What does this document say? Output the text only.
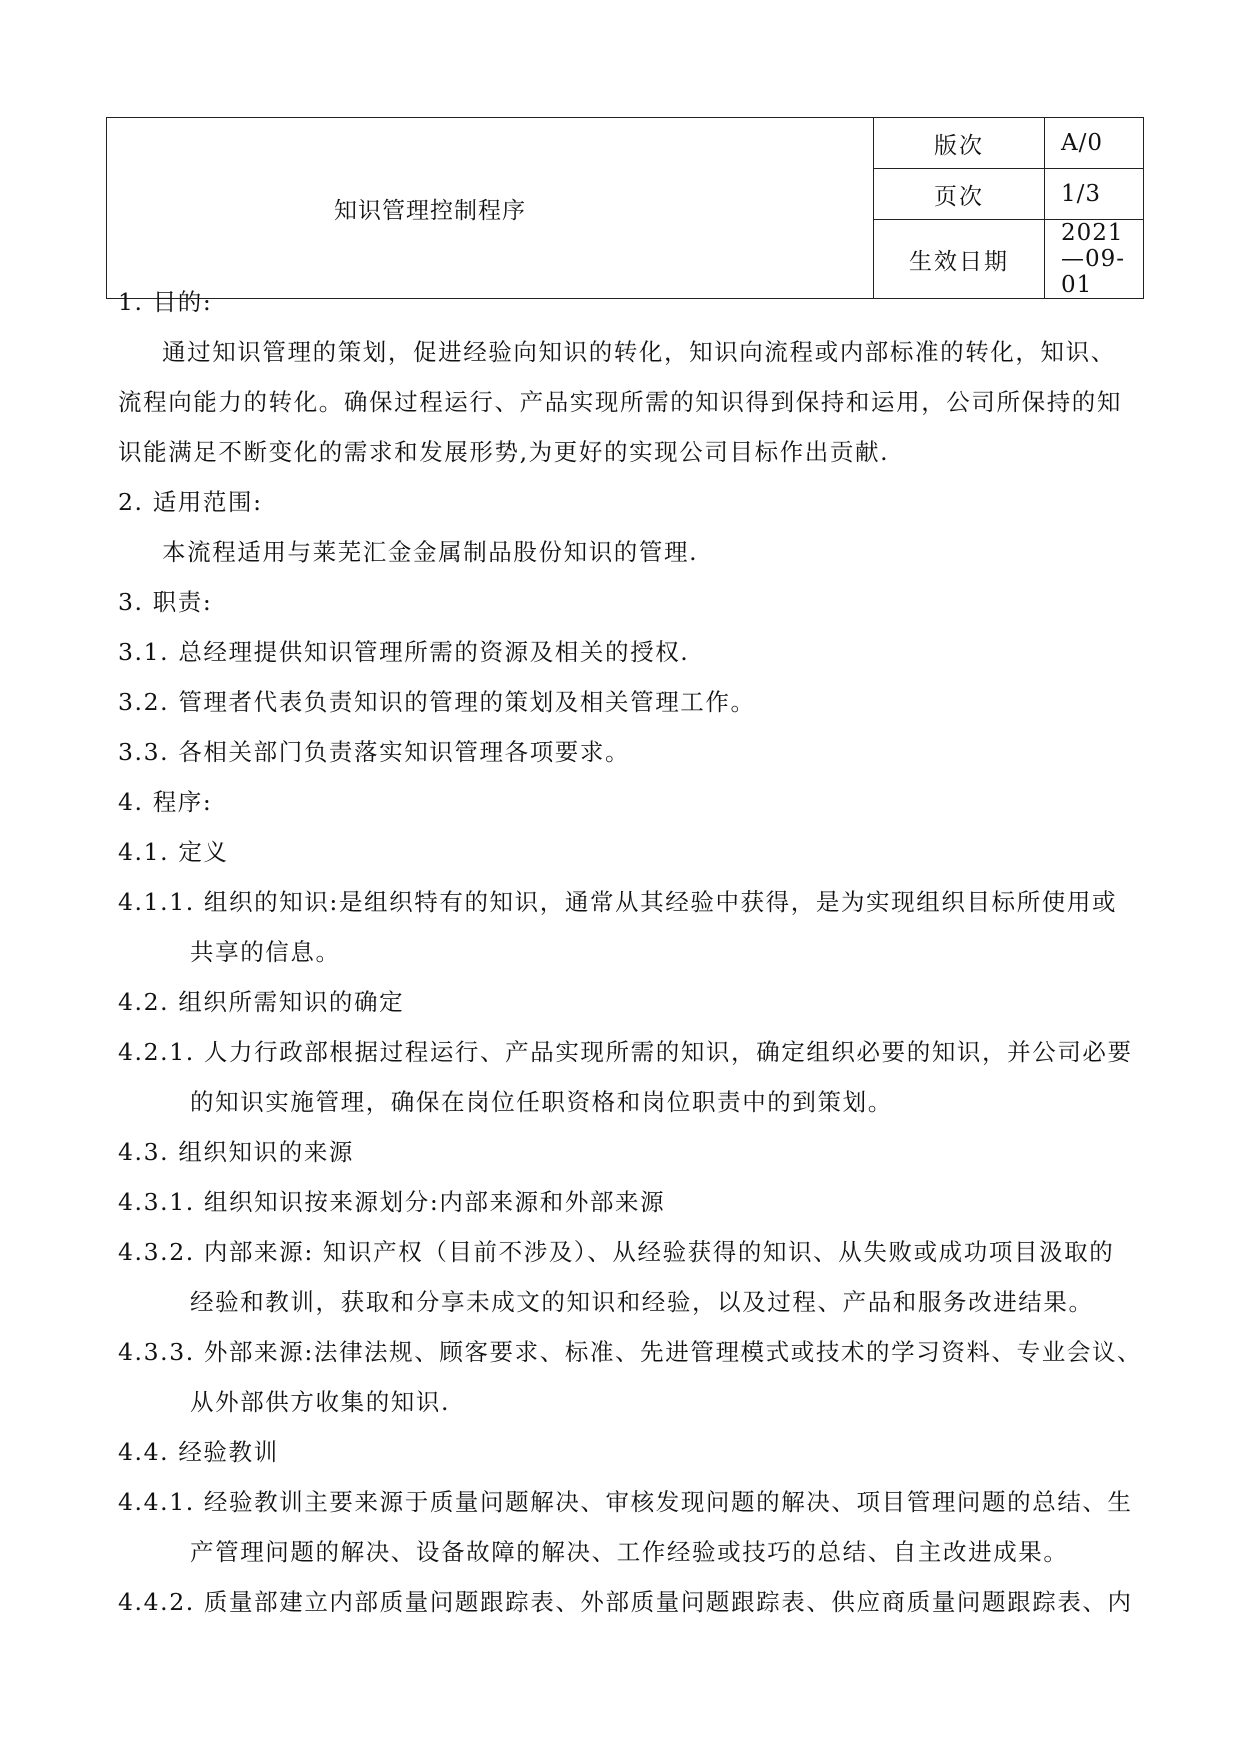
知识管理控制程序	版次	A/0
	页次	1/3
	生效日期	2021—09-01
1. 目的:
通过知识管理的策划，促进经验向知识的转化，知识向流程或内部标准的转化，知识、
流程向能力的转化。确保过程运行、产品实现所需的知识得到保持和运用，公司所保持的知
识能满足不断变化的需求和发展形势,为更好的实现公司目标作出贡献.
2. 适用范围:
本流程适用与莱芜汇金金属制品股份知识的管理.
3. 职责:
3.1. 总经理提供知识管理所需的资源及相关的授权.
3.2. 管理者代表负责知识的管理的策划及相关管理工作。
3.3. 各相关部门负责落实知识管理各项要求。
4. 程序:
4.1. 定义
4.1.1. 组织的知识:是组织特有的知识，通常从其经验中获得，是为实现组织目标所使用或
共享的信息。
4.2. 组织所需知识的确定
4.2.1. 人力行政部根据过程运行、产品实现所需的知识，确定组织必要的知识，并公司必要
的知识实施管理，确保在岗位任职资格和岗位职责中的到策划。
4.3. 组织知识的来源
4.3.1. 组织知识按来源划分:内部来源和外部来源
4.3.2. 内部来源: 知识产权（目前不涉及）、从经验获得的知识、从失败或成功项目汲取的
经验和教训，获取和分享未成文的知识和经验，以及过程、产品和服务改进结果。
4.3.3. 外部来源:法律法规、顾客要求、标准、先进管理模式或技术的学习资料、专业会议、
从外部供方收集的知识.
4.4. 经验教训
4.4.1. 经验教训主要来源于质量问题解决、审核发现问题的解决、项目管理问题的总结、生
产管理问题的解决、设备故障的解决、工作经验或技巧的总结、自主改进成果。
4.4.2. 质量部建立内部质量问题跟踪表、外部质量问题跟踪表、供应商质量问题跟踪表、内
